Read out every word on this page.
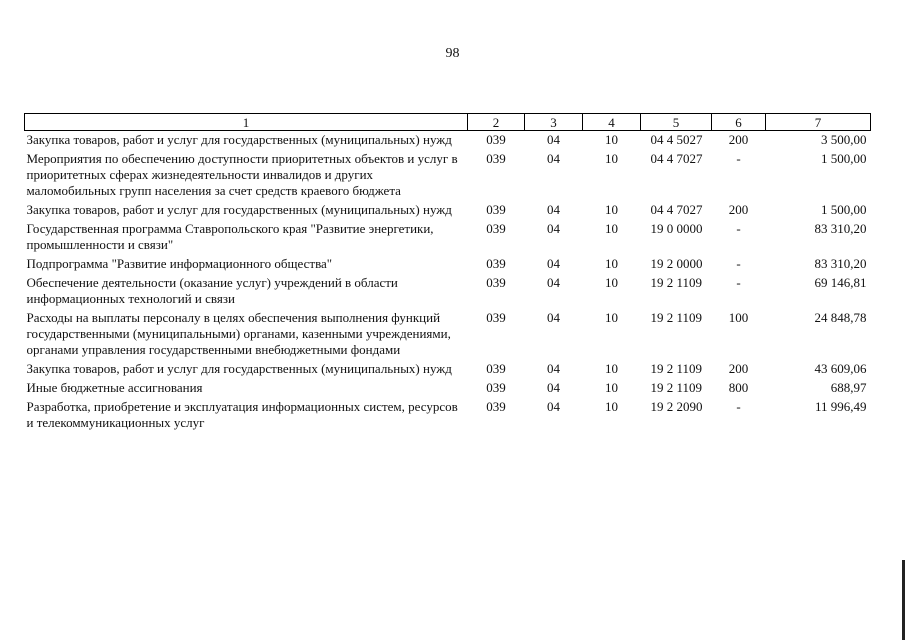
98
1	2	3	4	5	6	7
Закупка товаров, работ и услуг для государственных (муниципальных) нужд	039	04	10	04 4 5027	200	3 500,00
Мероприятия по обеспечению доступности приоритетных объектов и услуг в приоритетных сферах жизнедеятельности инвалидов и других маломобильных групп населения за счет средств краевого бюджета	039	04	10	04 4 7027	-	1 500,00
Закупка товаров, работ и услуг для государственных (муниципальных) нужд	039	04	10	04 4 7027	200	1 500,00
Государственная программа Ставропольского края "Развитие энергетики, промышленности и связи"	039	04	10	19 0 0000	-	83 310,20
Подпрограмма "Развитие информационного общества"	039	04	10	19 2 0000	-	83 310,20
Обеспечение деятельности (оказание услуг) учреждений в области информационных технологий и связи	039	04	10	19 2 1109	-	69 146,81
Расходы на выплаты персоналу в целях обеспечения выполнения функций государственными (муниципальными) органами, казенными учреждениями, органами управления государственными внебюджетными фондами	039	04	10	19 2 1109	100	24 848,78
Закупка товаров, работ и услуг для государственных (муниципальных) нужд	039	04	10	19 2 1109	200	43 609,06
Иные бюджетные ассигнования	039	04	10	19 2 1109	800	688,97
Разработка, приобретение и эксплуатация информационных систем, ресурсов и телекоммуникационных услуг	039	04	10	19 2 2090	-	11 996,49
